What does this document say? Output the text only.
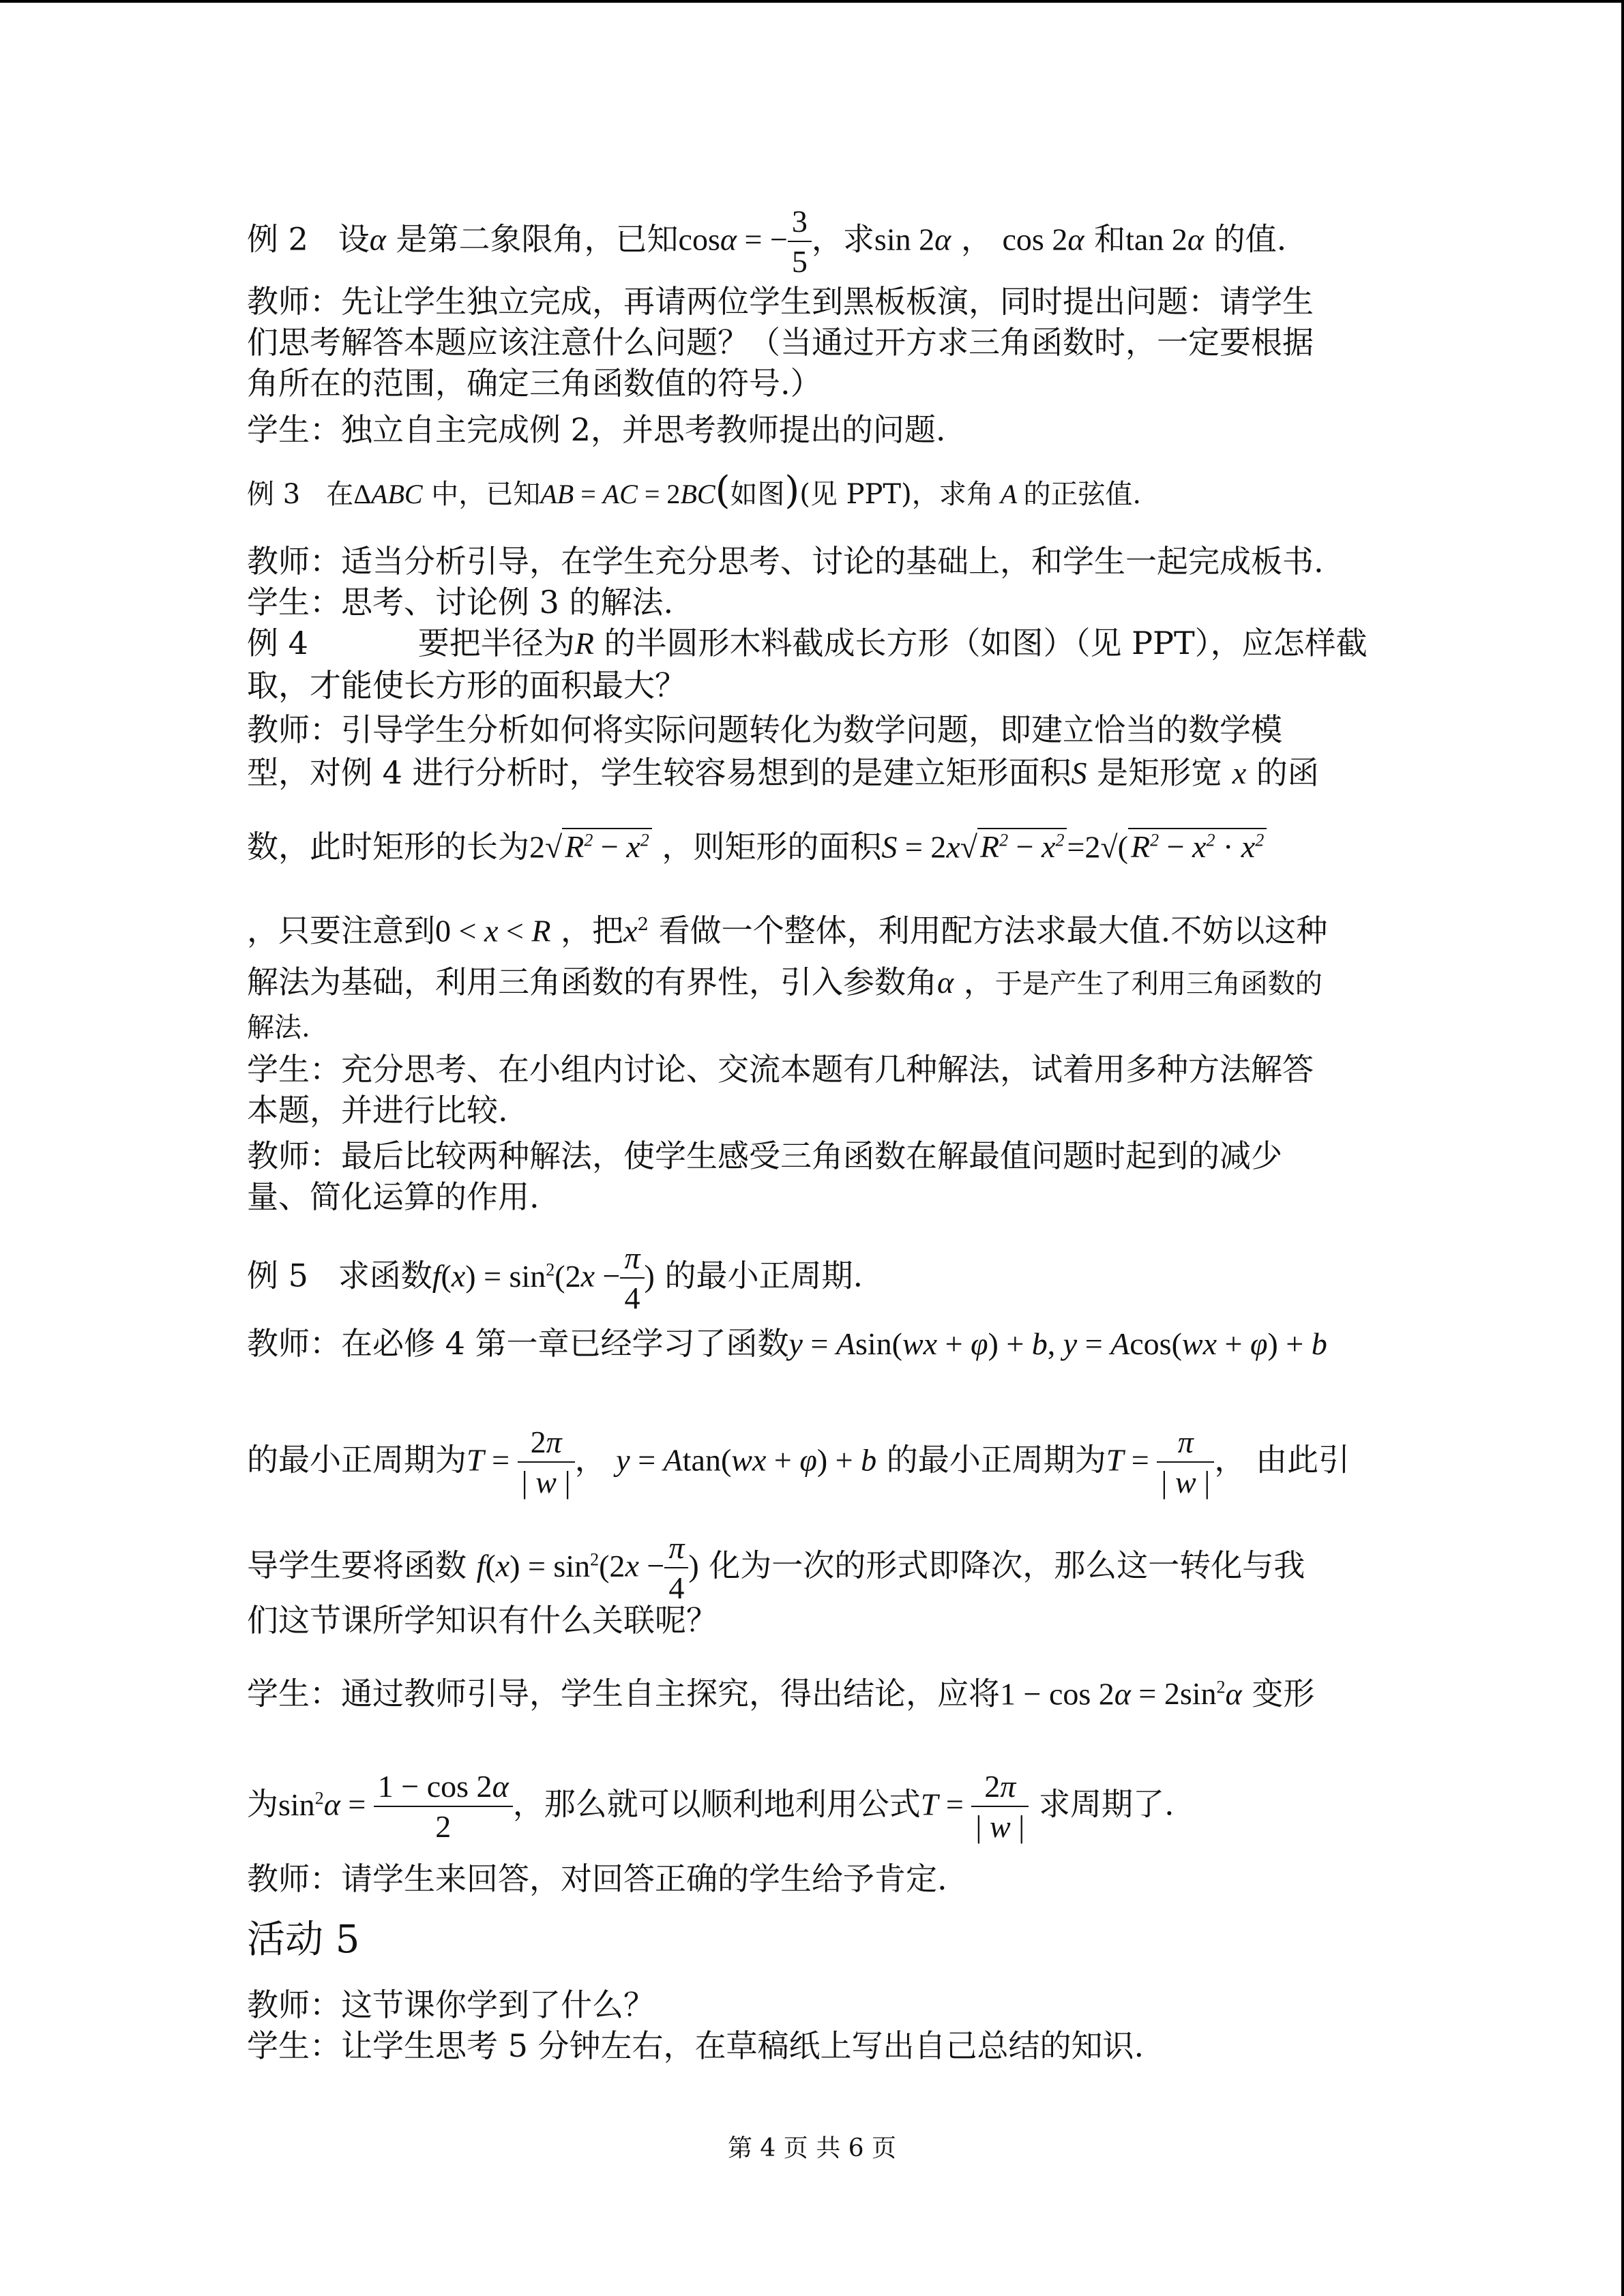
例 2   设α 是第二象限角，已知cosα = − $\frac{3}{5}$ ，求sin 2α ， cos 2α 和tan 2α 的值.
教师：先让学生独立完成，再请两位学生到黑板板演，同时提出问题：请学生
们思考解答本题应该注意什么问题？（当通过开方求三角函数时，一定要根据
角所在的范围，确定三角函数值的符号.）
学生：独立自主完成例 2，并思考教师提出的问题.
例 3   在ΔABC 中，已知AB = AC = 2BC(如图)(见 PPT)，求角 A 的正弦值.
教师：适当分析引导，在学生充分思考、讨论的基础上，和学生一起完成板书.
学生：思考、讨论例 3 的解法.
例 4           要把半径为R 的半圆形木料截成长方形（如图）（见 PPT），应怎样截
取，才能使长方形的面积最大？
教师：引导学生分析如何将实际问题转化为数学问题，即建立恰当的数学模
型，对例 4 进行分析时，学生较容易想到的是建立矩形面积S 是矩形宽 x 的函
数，此时矩形的长为$2√R^2 - x^2$ ，则矩形的面积$S = 2x√R^2 - x^2=2√(R^2 - x^2 \cdot x^2$
，只要注意到0 < x < R ，把$x^2$ 看做一个整体，利用配方法求最大值.不妨以这种
解法为基础，利用三角函数的有界性，引入参数角α ，于是产生了利用三角函数的
解法.
学生：充分思考、在小组内讨论、交流本题有几种解法，试着用多种方法解答
本题，并进行比较.
教师：最后比较两种解法，使学生感受三角函数在解最值问题时起到的减少
量、简化运算的作用.
例 5   求函数$f(x) = \sin^2(2x - \frac{\pi}{4}$ ) 的最小正周期.
教师：在必修 4 第一章已经学习了函数y = Asin(wx + φ) + b, y = Acos(wx + φ) + b
的最小正周期为$T = \frac{2\pi}{| w |}$ ， y = Atan(wx + φ) + b 的最小正周期为$T = \frac{\pi}{| w |}$ ， 由此引
导学生要将函数 $f(x) = \sin^2(2x - \frac{\pi}{4}$ ) 化为一次的形式即降次，那么这一转化与我
们这节课所学知识有什么关联呢？
学生：通过教师引导，学生自主探究，得出结论，应将$1 - \cos 2\alpha = 2\sin^2\alpha$ 变形
为$\sin^2\alpha = \frac{1 - \cos 2\alpha}{2}$ ，那么就可以顺利地利用公式$T = \frac{2\pi}{| w |}$ 求周期了.
教师：请学生来回答，对回答正确的学生给予肯定.
活动 5
教师：这节课你学到了什么？
学生：让学生思考 5 分钟左右，在草稿纸上写出自己总结的知识.
第 4 页 共 6 页
